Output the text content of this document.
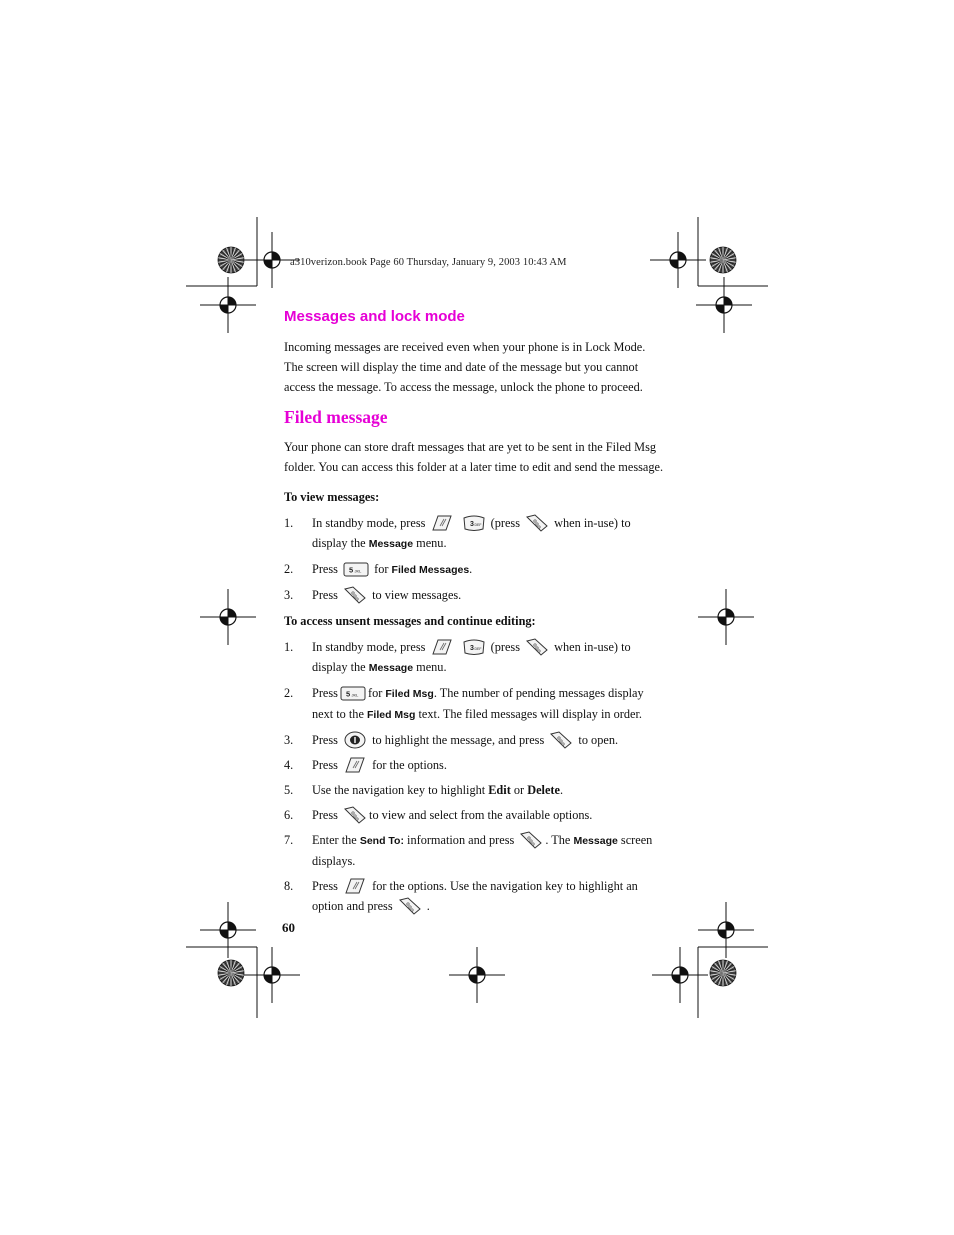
a310verizon.book Page 60 Thursday, January 9, 2003 10:43 AM
Messages and lock mode

Incoming messages are received even when your phone is in Lock Mode. The screen will display the time and date of the message but you cannot access the message. To access the message, unlock the phone to proceed.

Filed message

Your phone can store draft messages that are yet to be sent in the Filed Msg folder. You can access this folder at a later time to edit and send the message.

To view messages:
1. In standby mode, press
	(press	when in-use) to display the Message menu.
2. Press	for Filed Messages.
3. Press	to view messages.
To access unsent messages and continue editing:
1. In standby mode, press
	(press	when in-use) to display the Message menu.
2. Press for Filed Msg. The number of pending messages display next to the Filed Msg text. The filed messages will display in order.
3. Press	to highlight the message, and press	to open.
4. Press	for the options.
5. Use the navigation key to highlight Edit or Delete.
6. Press	to view and select from the available options.
7. Enter the Send To: information and press	. The Message screen displays.
8. Press	for the options. Use the navigation key to highlight an option and press	.
60
